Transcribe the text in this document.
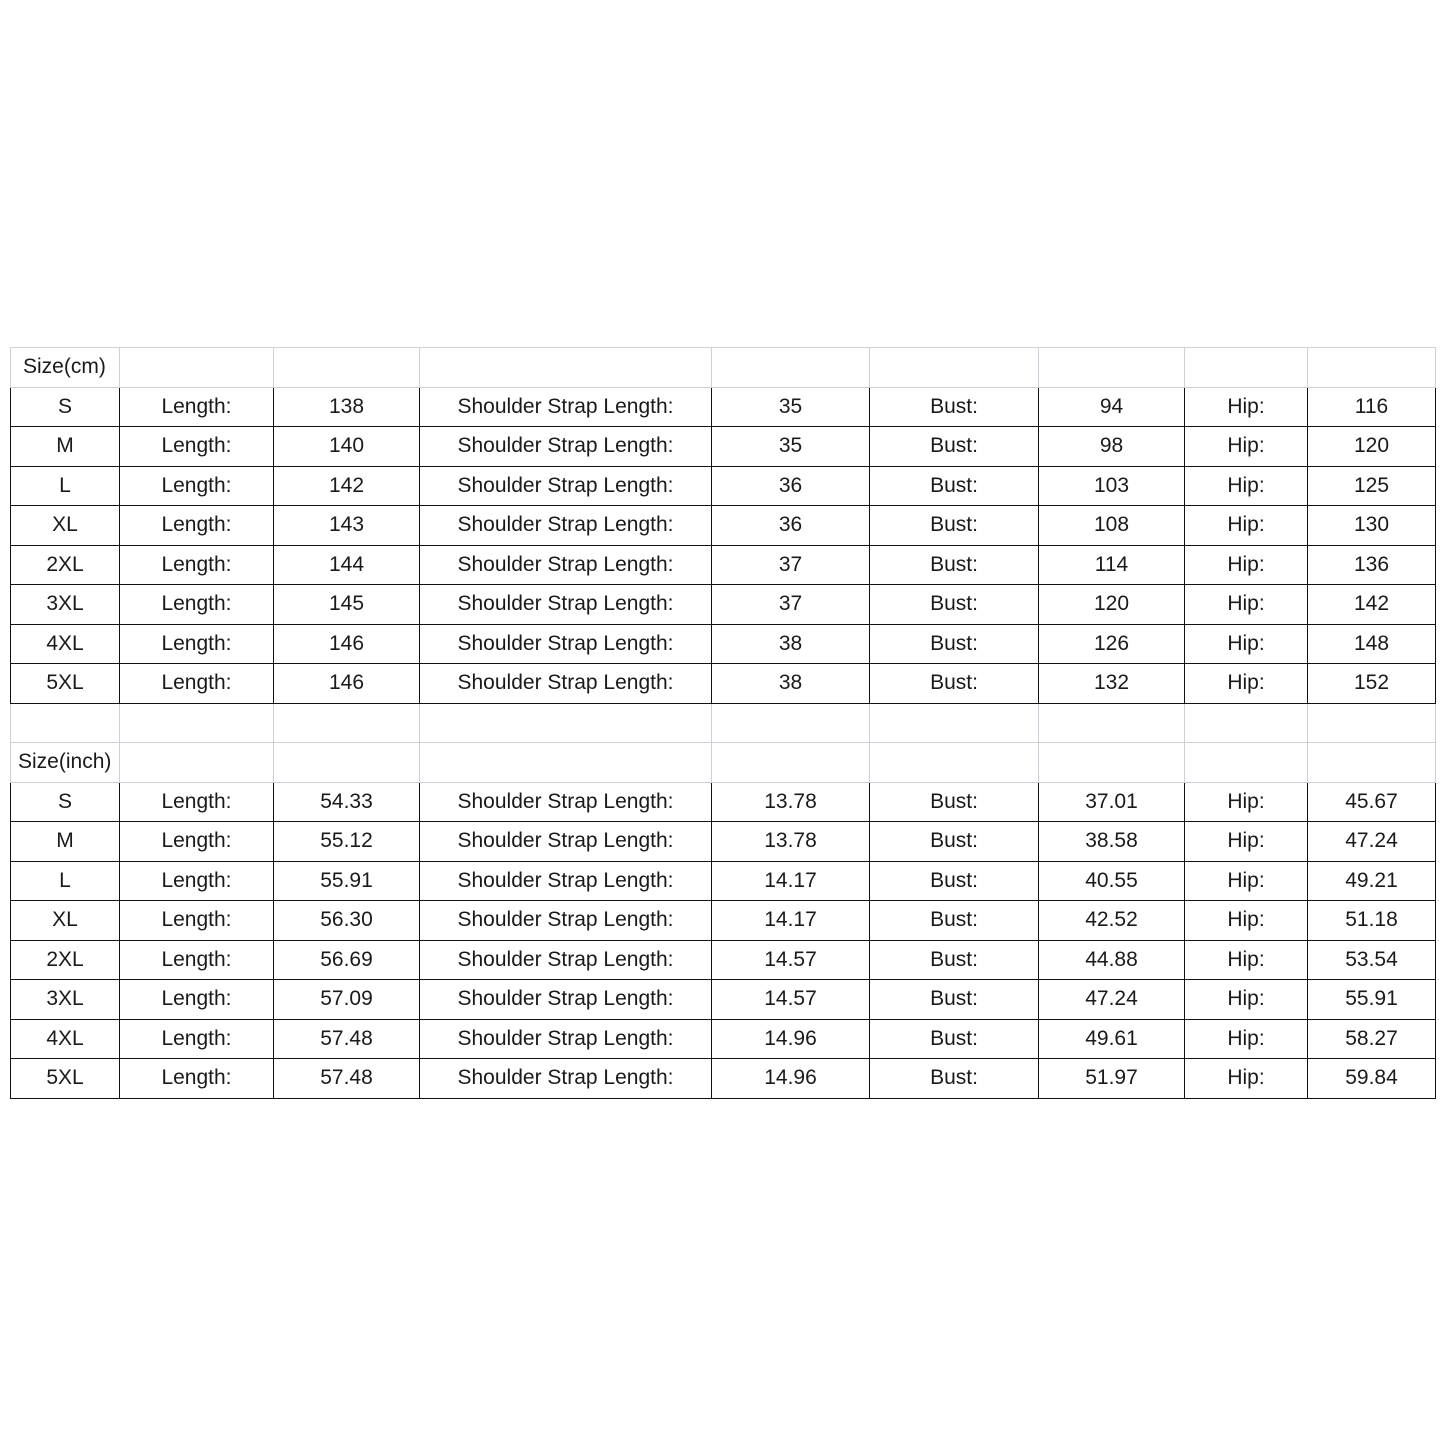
Size(cm)								
S	Length:	138	Shoulder Strap Length:	35	Bust:	94	Hip:	116
M	Length:	140	Shoulder Strap Length:	35	Bust:	98	Hip:	120
L	Length:	142	Shoulder Strap Length:	36	Bust:	103	Hip:	125
XL	Length:	143	Shoulder Strap Length:	36	Bust:	108	Hip:	130
2XL	Length:	144	Shoulder Strap Length:	37	Bust:	114	Hip:	136
3XL	Length:	145	Shoulder Strap Length:	37	Bust:	120	Hip:	142
4XL	Length:	146	Shoulder Strap Length:	38	Bust:	126	Hip:	148
5XL	Length:	146	Shoulder Strap Length:	38	Bust:	132	Hip:	152

Size(inch)								
S	Length:	54.33	Shoulder Strap Length:	13.78	Bust:	37.01	Hip:	45.67
M	Length:	55.12	Shoulder Strap Length:	13.78	Bust:	38.58	Hip:	47.24
L	Length:	55.91	Shoulder Strap Length:	14.17	Bust:	40.55	Hip:	49.21
XL	Length:	56.30	Shoulder Strap Length:	14.17	Bust:	42.52	Hip:	51.18
2XL	Length:	56.69	Shoulder Strap Length:	14.57	Bust:	44.88	Hip:	53.54
3XL	Length:	57.09	Shoulder Strap Length:	14.57	Bust:	47.24	Hip:	55.91
4XL	Length:	57.48	Shoulder Strap Length:	14.96	Bust:	49.61	Hip:	58.27
5XL	Length:	57.48	Shoulder Strap Length:	14.96	Bust:	51.97	Hip:	59.84
